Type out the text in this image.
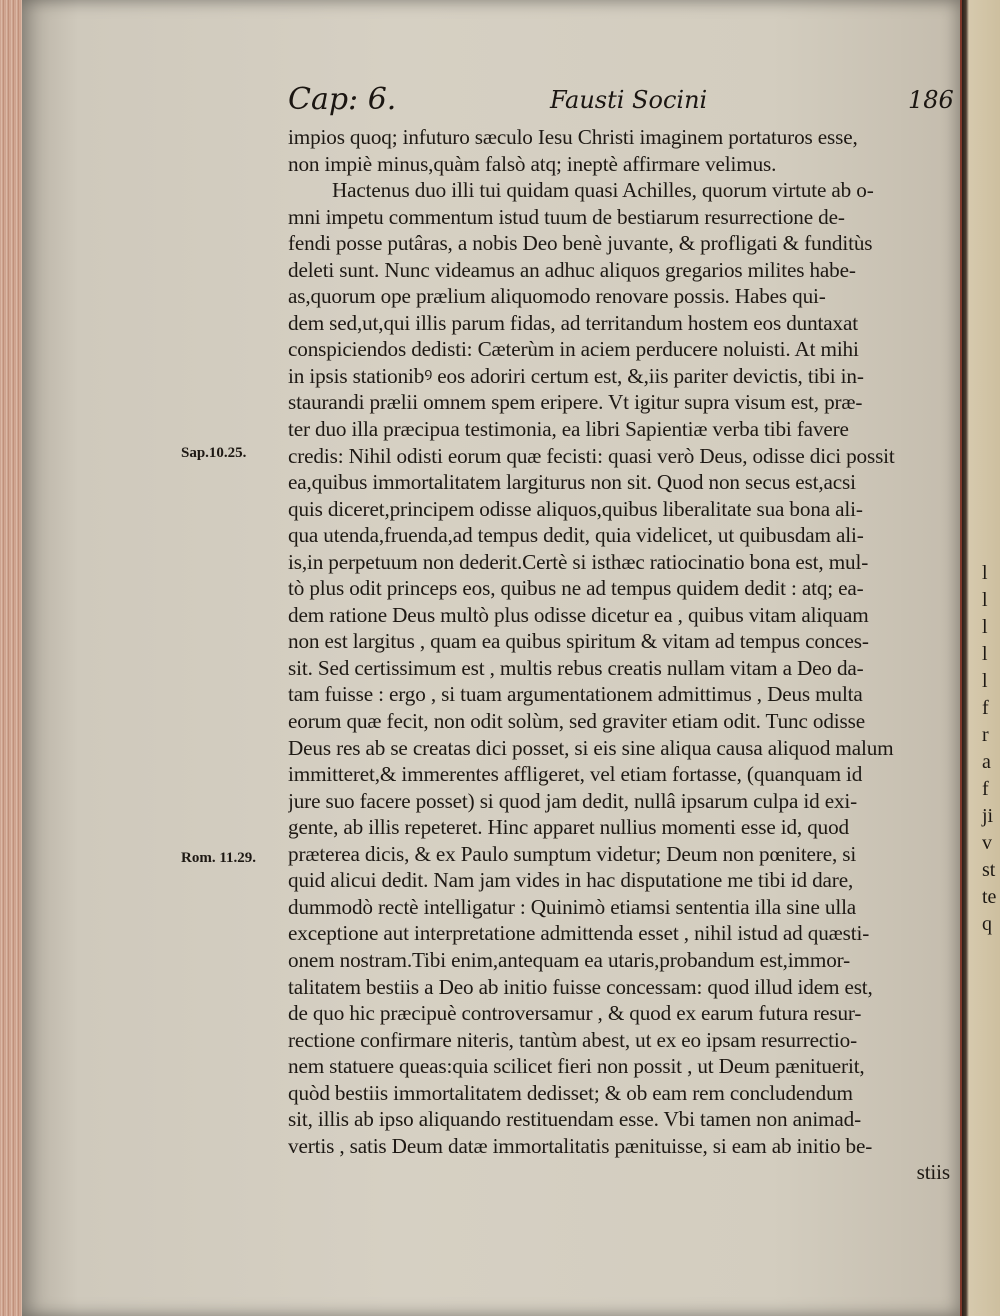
l
l
l
l
l
f
r
a
f
ji
v
st
te
q
Cap: 6.	Fausti Socini	186
Sap.10.25.
Rom. 11.29.
impios quoq; infuturo sæculo Iesu Christi imaginem portaturos esse,
non impiè minus,quàm falsò atq; ineptè affirmare velimus.
Hactenus duo illi tui quidam quasi Achilles, quorum virtute ab o-
mni impetu commentum istud tuum de bestiarum resurrectione de-
fendi posse putâras, a nobis Deo benè juvante, & profligati & funditùs
deleti sunt. Nunc videamus an adhuc aliquos gregarios milites habe-
as,quorum ope prælium aliquomodo renovare possis. Habes qui-
dem sed,ut,qui illis parum fidas, ad territandum hostem eos duntaxat
conspiciendos dedisti: Cæterùm in aciem perducere noluisti. At mihi
in ipsis stationibꝰ eos adoriri certum est, &,iis pariter devictis, tibi in-
staurandi prælii omnem spem eripere. Vt igitur supra visum est, præ-
ter duo illa præcipua testimonia, ea libri Sapientiæ verba tibi favere
credis: Nihil odisti eorum quæ fecisti: quasi verò Deus, odisse dici possit
ea,quibus immortalitatem largiturus non sit. Quod non secus est,acsi
quis diceret,principem odisse aliquos,quibus liberalitate sua bona ali-
qua utenda,fruenda,ad tempus dedit, quia videlicet, ut quibusdam ali-
is,in perpetuum non dederit.Certè si isthæc ratiocinatio bona est, mul-
tò plus odit princeps eos, quibus ne ad tempus quidem dedit : atq; ea-
dem ratione Deus multò plus odisse dicetur ea , quibus vitam aliquam
non est largitus , quam ea quibus spiritum & vitam ad tempus conces-
sit. Sed certissimum est , multis rebus creatis nullam vitam a Deo da-
tam fuisse : ergo , si tuam argumentationem admittimus , Deus multa
eorum quæ fecit, non odit solùm, sed graviter etiam odit. Tunc odisse
Deus res ab se creatas dici posset, si eis sine aliqua causa aliquod malum
immitteret,& immerentes affligeret, vel etiam fortasse, (quanquam id
jure suo facere posset) si quod jam dedit, nullâ ipsarum culpa id exi-
gente, ab illis repeteret. Hinc apparet nullius momenti esse id, quod
præterea dicis, & ex Paulo sumptum videtur; Deum non pœnitere, si
quid alicui dedit. Nam jam vides in hac disputatione me tibi id dare,
dummodò rectè intelligatur : Quinimò etiamsi sententia illa sine ulla
exceptione aut interpretatione admittenda esset , nihil istud ad quæsti-
onem nostram.Tibi enim,antequam ea utaris,probandum est,immor-
talitatem bestiis a Deo ab initio fuisse concessam: quod illud idem est,
de quo hic præcipuè controversamur , & quod ex earum futura resur-
rectione confirmare niteris, tantùm abest, ut ex eo ipsam resurrectio-
nem statuere queas:quia scilicet fieri non possit , ut Deum pænituerit,
quòd bestiis immortalitatem dedisset; & ob eam rem concludendum
sit, illis ab ipso aliquando restituendam esse. Vbi tamen non animad-
vertis , satis Deum datæ immortalitatis pænituisse, si eam ab initio be-
stiis
